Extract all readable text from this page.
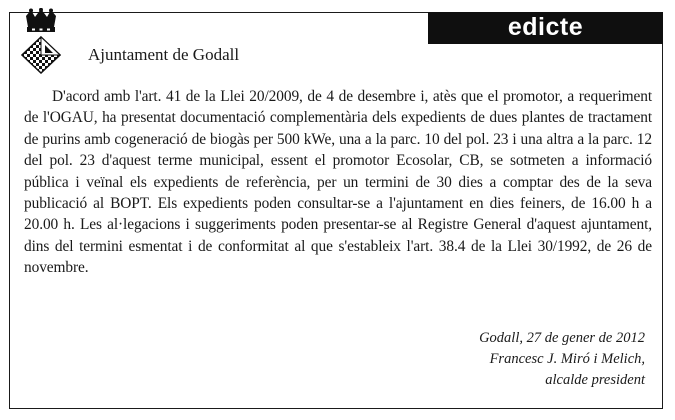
edicte
Ajuntament de Godall

D'acord amb l'art. 41 de la Llei 20/2009, de 4 de desembre i, atès que el promotor, a requeriment de l'OGAU, ha presentat documentació complementària dels expedients de dues plantes de tractament de purins amb cogeneració de biogàs per 500 kWe, una a la parc. 10 del pol. 23 i una altra a la parc. 12 del pol. 23 d'aquest terme municipal, essent el promotor Ecosolar, CB, se sotmeten a informació pública i veïnal els expedients de referència, per un termini de 30 dies a comptar des de la seva publicació al BOPT. Els expedients poden consultar-se a l'ajuntament en dies feiners, de 16.00 h a 20.00 h. Les al·legacions i suggeriments poden presentar-se al Registre General d'aquest ajuntament, dins del termini esmentat i de conformitat al que s'estableix l'art. 38.4 de la Llei 30/1992, de 26 de novembre.

Godall, 27 de gener de 2012
Francesc J. Miró i Melich,
alcalde president
